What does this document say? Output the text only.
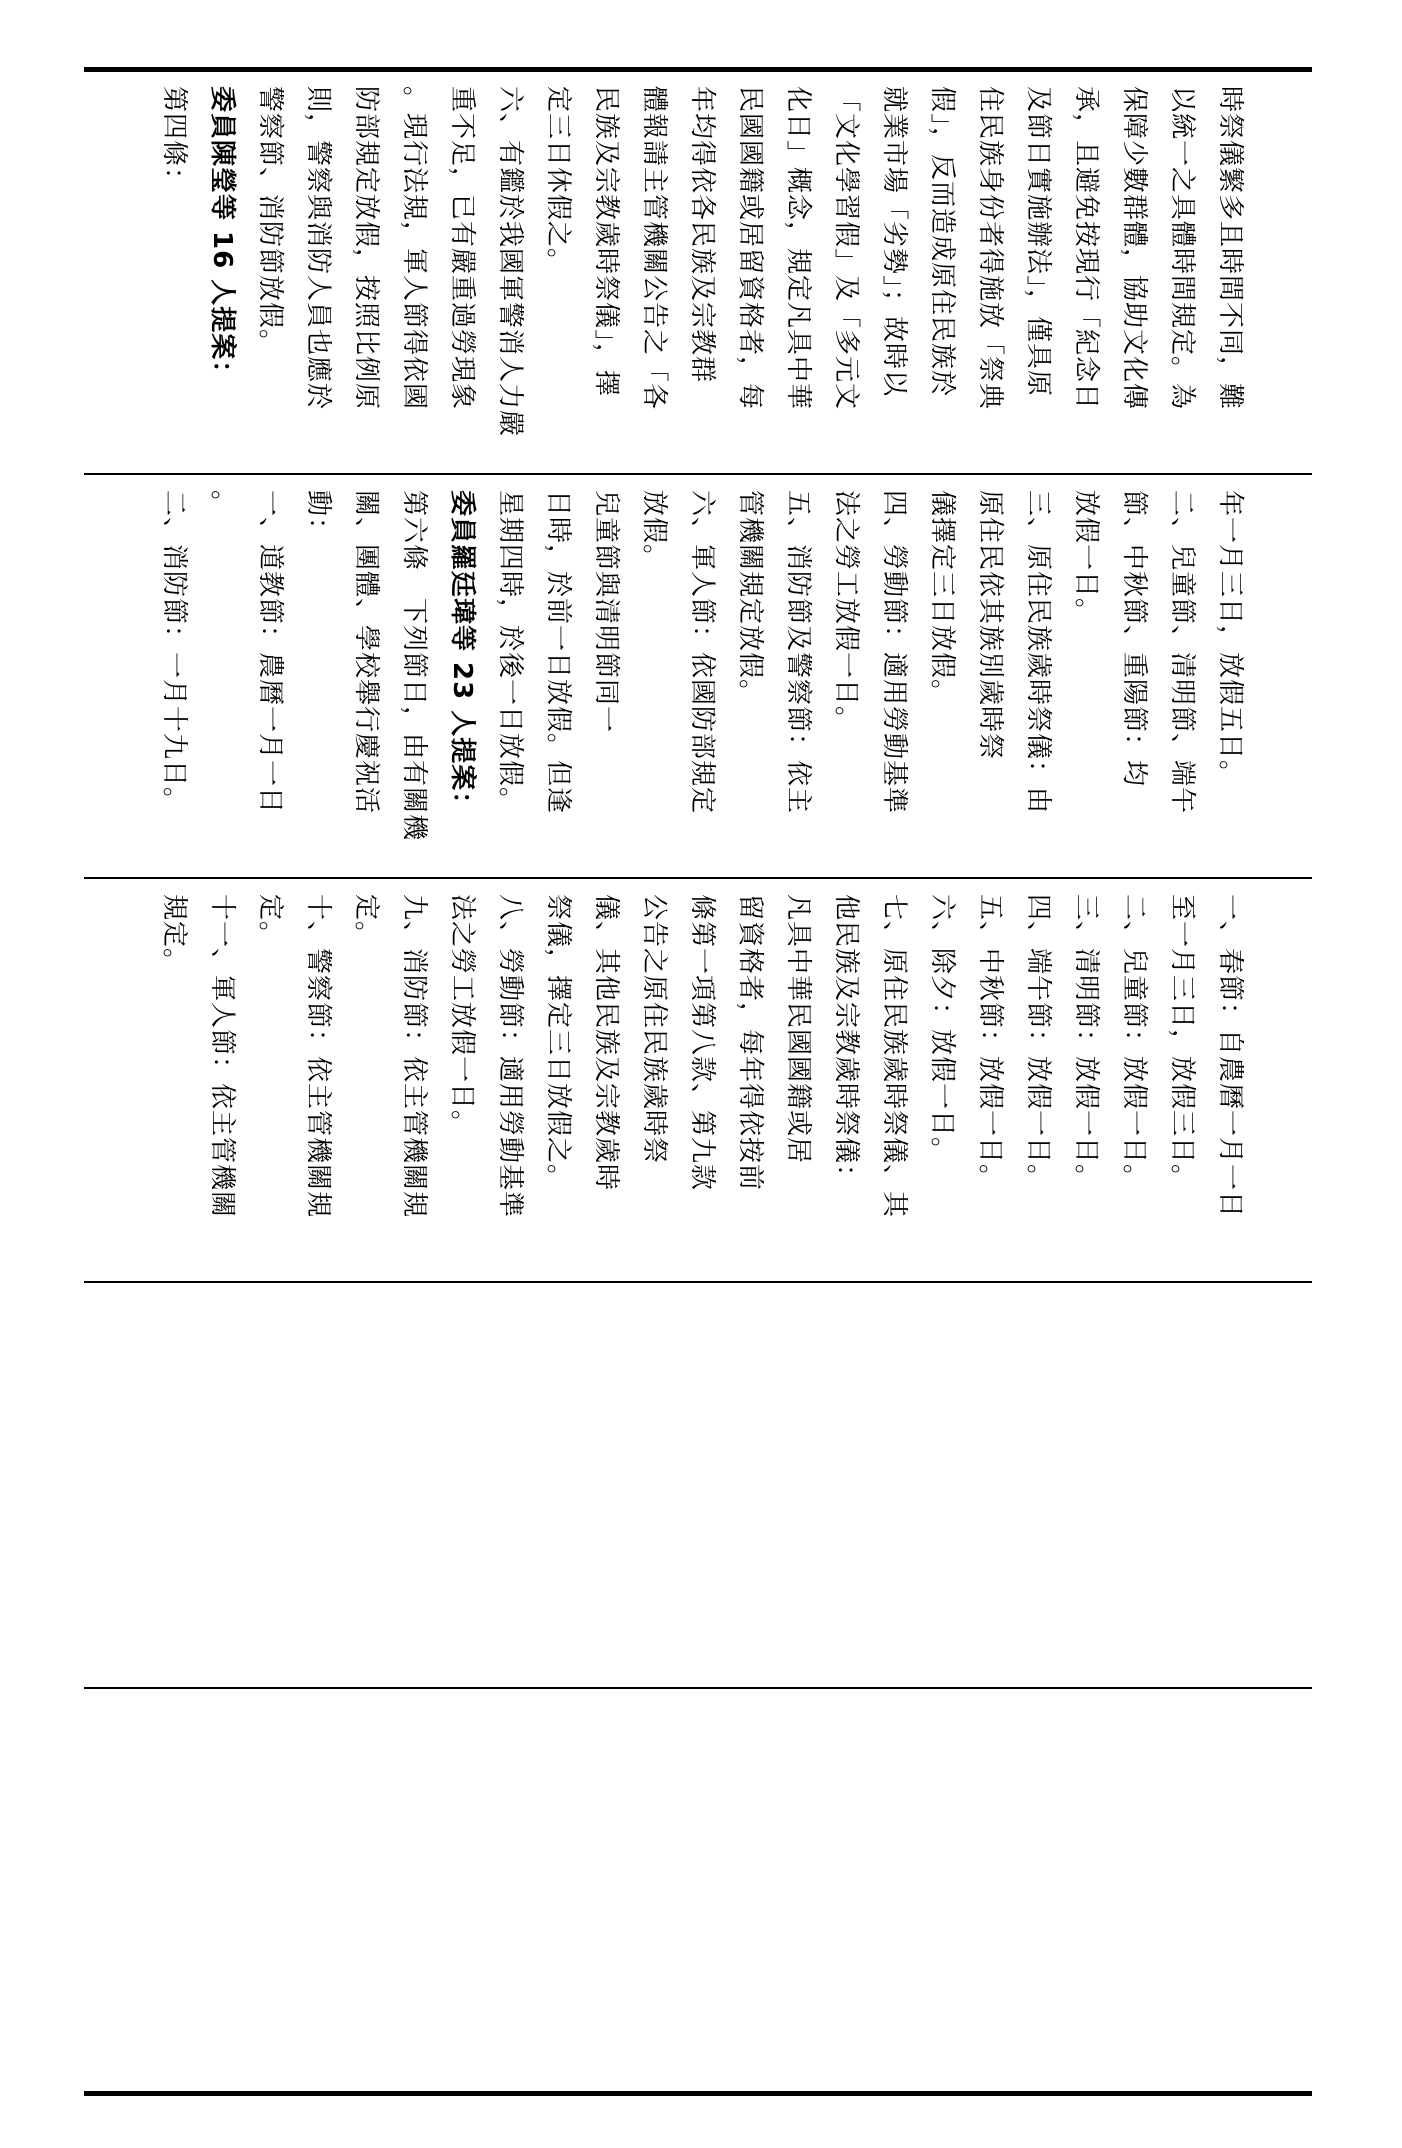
時祭儀繁多且時間不同，難
以統一之具體時間規定。為
保障少數群體，協助文化傳
承，且避免按現行「紀念日
及節日實施辦法」，僅具原
住民族身份者得施放「祭典
假」，反而造成原住民族於
就業市場「劣勢」；故時以
「文化學習假」及「多元文
化日」概念，規定凡具中華
民國國籍或居留資格者，每
年均得依各民族及宗教群
體報請主管機關公告之「各
民族及宗教歲時祭儀」，擇
定三日休假之。
六、有鑑於我國軍警消人力嚴
重不足，已有嚴重過勞現象
。現行法規，軍人節得依國
防部規定放假，按照比例原
則，警察與消防人員也應於
警察節、消防節放假。
委員陳瑩等 16 人提案：
第四條：
年一月三日，放假五日。
二、兒童節、清明節、端午
節、中秋節、重陽節：均
放假一日。
三、原住民族歲時祭儀：由
原住民依其族別歲時祭
儀擇定三日放假。
四、勞動節：適用勞動基準
法之勞工放假一日。
五、消防節及警察節：依主
管機關規定放假。
六、軍人節：依國防部規定
放假。
兒童節與清明節同一
日時，於前一日放假。但逢
星期四時，於後一日放假。
委員羅廷瑋等 23 人提案：
第六條　下列節日，由有關機
關、團體、學校舉行慶祝活
動：
一、道教節：農曆一月一日
。
二、消防節：一月十九日。
一、春節：自農曆一月一日
至一月三日，放假三日。
二、兒童節：放假一日。
三、清明節：放假一日。
四、端午節：放假一日。
五、中秋節：放假一日。
六、除夕：放假一日。
七、原住民族歲時祭儀、其
他民族及宗教歲時祭儀：
凡具中華民國國籍或居
留資格者，每年得依按前
條第一項第八款、第九款
公告之原住民族歲時祭
儀、其他民族及宗教歲時
祭儀，擇定三日放假之。
八、勞動節：適用勞動基準
法之勞工放假一日。
九、消防節：依主管機關規
定。
十、警察節：依主管機關規
定。
十一、軍人節：依主管機關
規定。
